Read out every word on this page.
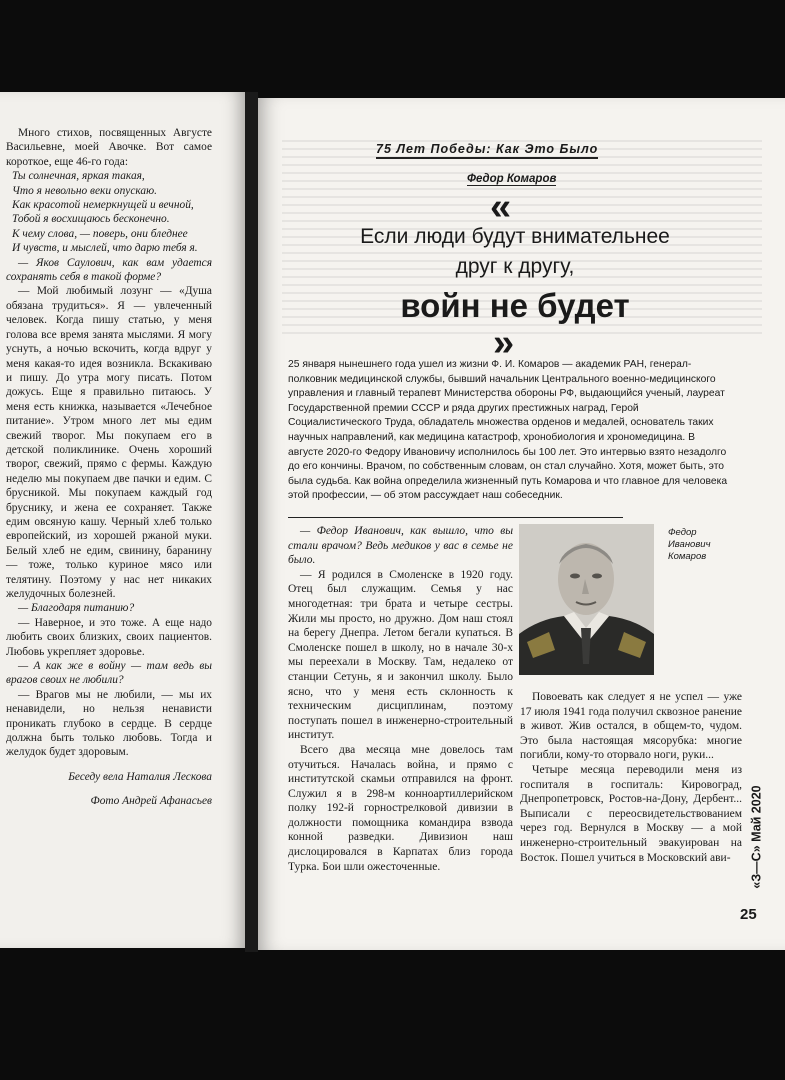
Много стихов, посвященных Августе Васильевне, моей Авочке. Вот самое короткое, еще 46-го года:

Ты солнечная, яркая такая,

Что я невольно веки опускаю.

Как красотой немеркнущей и вечной,

Тобой я восхищаюсь бесконечно.

К чему слова, — поверь, они бледнее

И чувств, и мыслей, что дарю тебя я.

— Яков Саулович, как вам удается сохранять себя в такой форме?

— Мой любимый лозунг — «Душа обязана трудиться». Я — увлеченный человек. Когда пишу статью, у меня голова все время занята мыслями. Я могу уснуть, а ночью вскочить, когда вдруг у меня какая-то идея возникла. Вскакиваю и пишу. До утра могу писать. Потом дожусь. Еще я правильно питаюсь. У меня есть книжка, называется «Лечебное питание». Утром много лет мы едим свежий творог. Мы покупаем его в детской поликлинике. Очень хороший творог, свежий, прямо с фермы. Каждую неделю мы покупаем две пачки и едим. С брусникой. Мы покупаем каждый год бруснику, и жена ее сохраняет. Также едим овсяную кашу. Черный хлеб только европейский, из хорошей ржаной муки. Белый хлеб не едим, свинину, баранину — тоже, только куриное мясо или телятину. Поэтому у нас нет никаких желудочных болезней.

— Благодаря питанию?

— Наверное, и это тоже. А еще надо любить своих близких, своих пациентов. Любовь укрепляет здоровье.

— А как же в войну — там ведь вы врагов своих не любили?

— Врагов мы не любили, — мы их ненавидели, но нельзя ненависти проникать глубоко в сердце. В сердце должна быть только любовь. Тогда и желудок будет здоровым.

Беседу вела Наталия Лескова

Фото Андрей Афанасьев

75 Лет Победы: Как Это Было
Федор Комаров
«
Если люди будут внимательнее
друг к другу,
войн не будет
»
25 января нынешнего года ушел из жизни Ф. И. Комаров — академик РАН, генерал-полковник медицинской службы, бывший начальник Центрального военно-медицинского управления и главный терапевт Министерства обороны РФ, выдающийся ученый, лауреат Государственной премии СССР и ряда других престижных наград, Герой Социалистического Труда, обладатель множества орденов и медалей, основатель таких научных направлений, как медицина катастроф, хронобиология и хрономедицина. В августе 2020-го Федору Ивановичу исполнилось бы 100 лет. Это интервью взято незадолго до его кончины. Врачом, по собственным словам, он стал случайно. Хотя, может быть, это была судьба. Как война определила жизненный путь Комарова и что главное для человека этой профессии, — об этом рассуждает наш собеседник.

— Федор Иванович, как вышло, что вы стали врачом? Ведь медиков у вас в семье не было.

— Я родился в Смоленске в 1920 году. Отец был служащим. Семья у нас многодетная: три брата и четыре сестры. Жили мы просто, но дружно. Дом наш стоял на берегу Днепра. Летом бегали купаться. В Смоленске пошел в школу, но в начале 30-х мы переехали в Москву. Там, недалеко от станции Сетунь, я и закончил школу. Было ясно, что у меня есть склонность к техническим дисциплинам, поэтому поступать пошел в инженерно-строительный институт.

Всего два месяца мне довелось там отучиться. Началась война, и прямо с институтской скамьи отправился на фронт. Служил я в 298-м конноартиллерийском полку 192-й горнострелковой дивизии в должности помощника командира взвода конной разведки. Дивизион наш дислоцировался в Карпатах близ города Турка. Бои шли ожесточенные.

Федор Иванович Комаров

Повоевать как следует я не успел — уже 17 июля 1941 года получил сквозное ранение в живот. Жив остался, в общем-то, чудом. Это была настоящая мясорубка: многие погибли, кому-то оторвало ноги, руки...

Четыре месяца переводили меня из госпиталя в госпиталь: Кировоград, Днепропетровск, Ростов-на-Дону, Дербент... Выписали с переосвидетельствованием через год. Вернулся в Москву — а мой инженерно-строительный эвакуирован на Восток. Пошел учиться в Московский ави-	«З—С» Май 2020
25
